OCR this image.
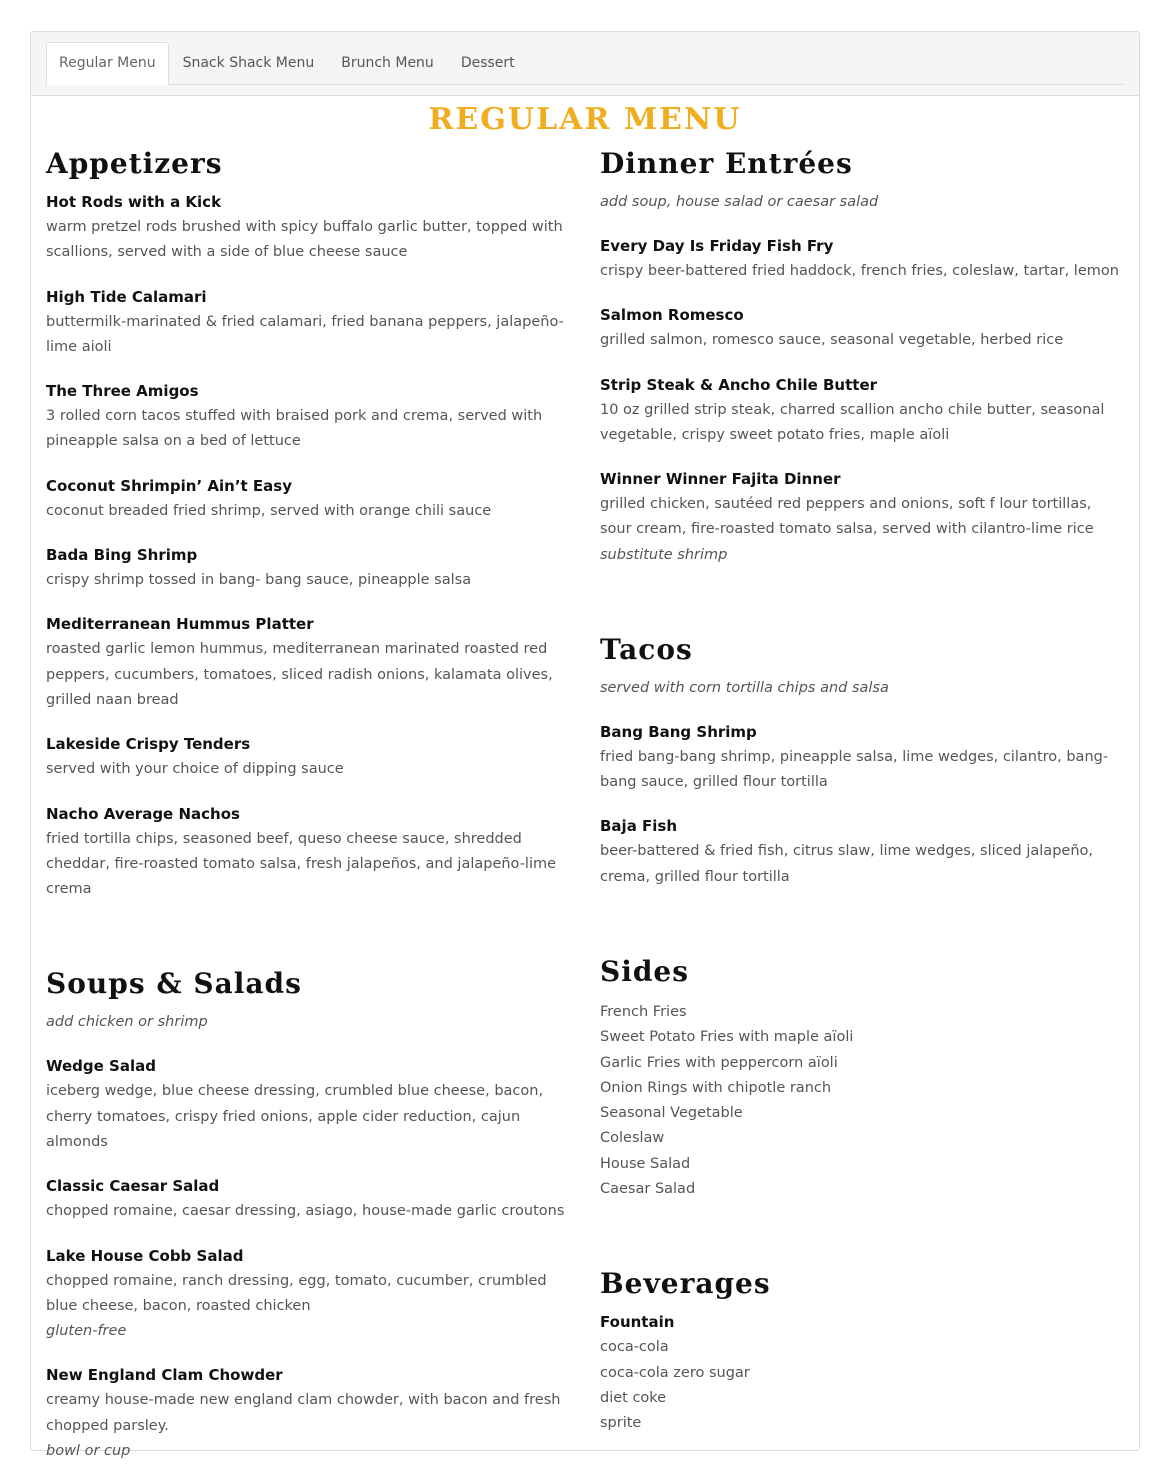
Regular Menu	Snack Shack Menu	Brunch Menu	Dessert
REGULAR MENU
Appetizers
Hot Rods with a Kick
warm pretzel rods brushed with spicy buffalo garlic butter, topped with scallions, served with a side of blue cheese sauce
High Tide Calamari
buttermilk-marinated & fried calamari, fried banana peppers, jalapeño-lime aioli
The Three Amigos
3 rolled corn tacos stuffed with braised pork and crema, served with pineapple salsa on a bed of lettuce
Coconut Shrimpin’ Ain’t Easy
coconut breaded fried shrimp, served with orange chili sauce
Bada Bing Shrimp
crispy shrimp tossed in bang- bang sauce, pineapple salsa
Mediterranean Hummus Platter
roasted garlic lemon hummus, mediterranean marinated roasted red peppers, cucumbers, tomatoes, sliced radish onions, kalamata olives, grilled naan bread
Lakeside Crispy Tenders
served with your choice of dipping sauce
Nacho Average Nachos
fried tortilla chips, seasoned beef, queso cheese sauce, shredded cheddar, fire-roasted tomato salsa, fresh jalapeños, and jalapeño-lime crema
Soups & Salads
add chicken or shrimp
Wedge Salad
iceberg wedge, blue cheese dressing, crumbled blue cheese, bacon, cherry tomatoes, crispy fried onions, apple cider reduction, cajun almonds
Classic Caesar Salad
chopped romaine, caesar dressing, asiago, house-made garlic croutons
Lake House Cobb Salad
chopped romaine, ranch dressing, egg, tomato, cucumber, crumbled blue cheese, bacon, roasted chicken
gluten-free
New England Clam Chowder
creamy house-made new england clam chowder, with bacon and fresh chopped parsley.
bowl or cup
Dinner Entrées
add soup, house salad or caesar salad
Every Day Is Friday Fish Fry
crispy beer-battered fried haddock, french fries, coleslaw, tartar, lemon
Salmon Romesco
grilled salmon, romesco sauce, seasonal vegetable, herbed rice
Strip Steak & Ancho Chile Butter
10 oz grilled strip steak, charred scallion ancho chile butter, seasonal vegetable, crispy sweet potato fries, maple aïoli
Winner Winner Fajita Dinner
grilled chicken, sautéed red peppers and onions, soft f lour tortillas, sour cream, fire-roasted tomato salsa, served with cilantro-lime rice
substitute shrimp
Tacos
served with corn tortilla chips and salsa
Bang Bang Shrimp
fried bang-bang shrimp, pineapple salsa, lime wedges, cilantro, bang-bang sauce, grilled flour tortilla
Baja Fish
beer-battered & fried fish, citrus slaw, lime wedges, sliced jalapeño, crema, grilled flour tortilla
Sides
French Fries
Sweet Potato Fries with maple aïoli
Garlic Fries with peppercorn aïoli
Onion Rings with chipotle ranch
Seasonal Vegetable
Coleslaw
House Salad
Caesar Salad
Beverages
Fountain
coca-cola
coca-cola zero sugar
diet coke
sprite
